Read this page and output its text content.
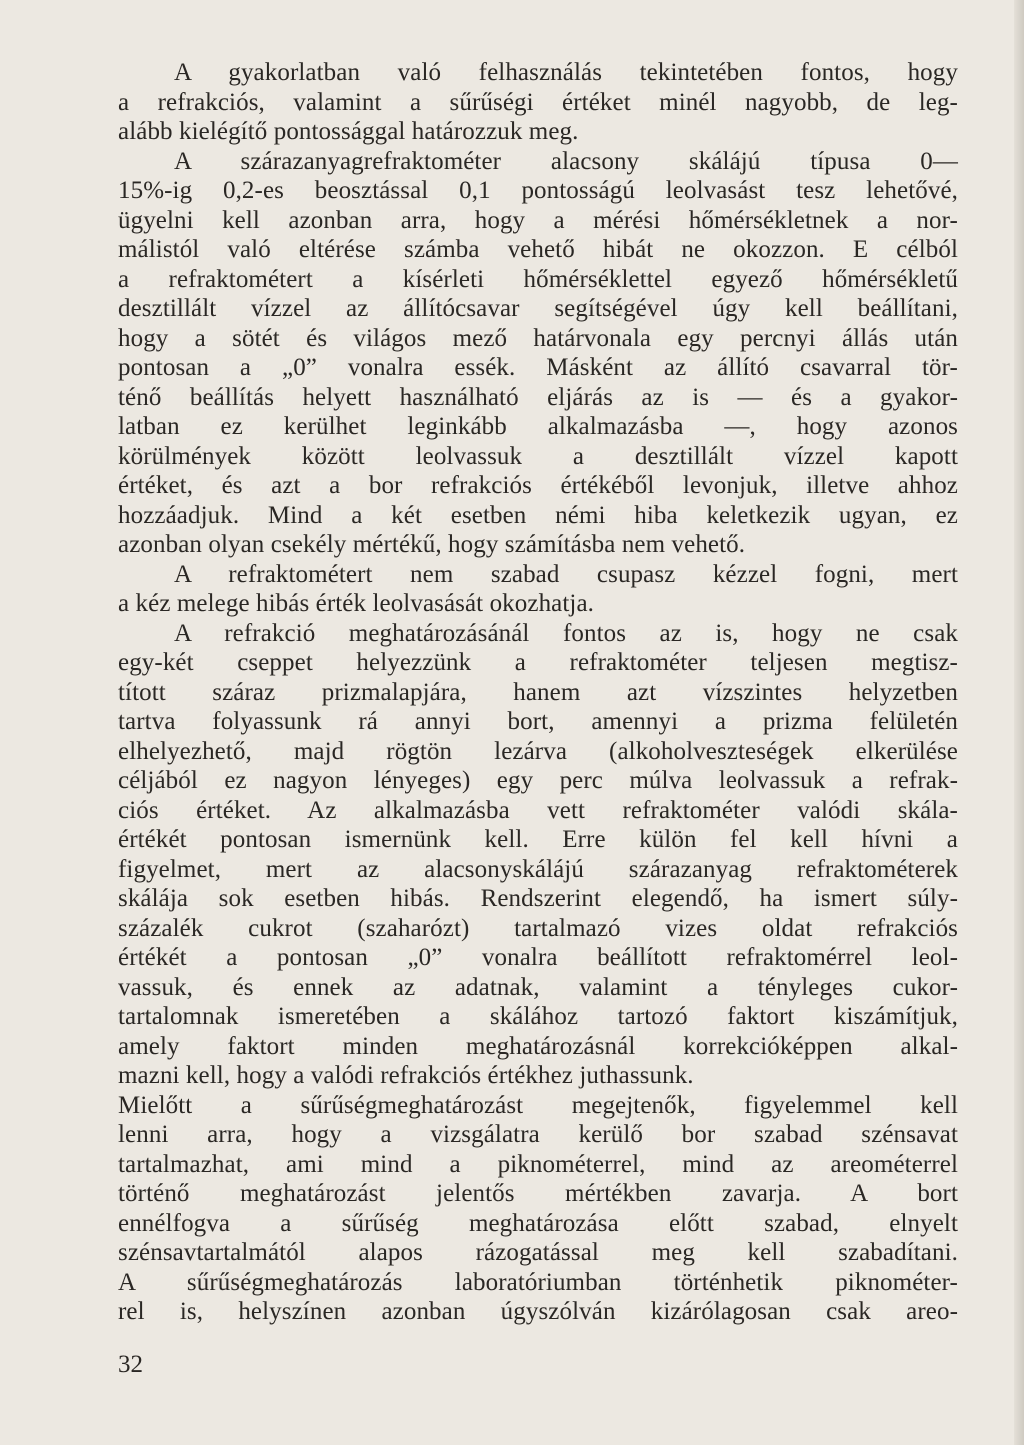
A gyakorlatban való felhasználás tekintetében fontos, hogy
a refrakciós, valamint a sűrűségi értéket minél nagyobb, de leg-
alább kielégítő pontossággal határozzuk meg.
A szárazanyagrefraktométer alacsony skálájú típusa 0—
15%-ig 0,2-es beosztással 0,1 pontosságú leolvasást tesz lehetővé,
ügyelni kell azonban arra, hogy a mérési hőmérsékletnek a nor-
málistól való eltérése számba vehető hibát ne okozzon. E célból
a refraktométert a kísérleti hőmérséklettel egyező hőmérsékletű
desztillált vízzel az állítócsavar segítségével úgy kell beállítani,
hogy a sötét és világos mező határvonala egy percnyi állás után
pontosan a „0” vonalra essék. Másként az állító csavarral tör-
ténő beállítás helyett használható eljárás az is — és a gyakor-
latban ez kerülhet leginkább alkalmazásba —, hogy azonos
körülmények között leolvassuk a desztillált vízzel kapott
értéket, és azt a bor refrakciós értékéből levonjuk, illetve ahhoz
hozzáadjuk. Mind a két esetben némi hiba keletkezik ugyan, ez
azonban olyan csekély mértékű, hogy számításba nem vehető.
A refraktométert nem szabad csupasz kézzel fogni, mert
a kéz melege hibás érték leolvasását okozhatja.
A refrakció meghatározásánál fontos az is, hogy ne csak
egy-két cseppet helyezzünk a refraktométer teljesen megtisz-
tított száraz prizmalapjára, hanem azt vízszintes helyzetben
tartva folyassunk rá annyi bort, amennyi a prizma felületén
elhelyezhető, majd rögtön lezárva (alkoholveszteségek elkerülése
céljából ez nagyon lényeges) egy perc múlva leolvassuk a refrak-
ciós értéket. Az alkalmazásba vett refraktométer valódi skála-
értékét pontosan ismernünk kell. Erre külön fel kell hívni a
figyelmet, mert az alacsonyskálájú szárazanyag refraktométerek
skálája sok esetben hibás. Rendszerint elegendő, ha ismert súly-
százalék cukrot (szaharózt) tartalmazó vizes oldat refrakciós
értékét a pontosan „0” vonalra beállított refraktomérrel leol-
vassuk, és ennek az adatnak, valamint a tényleges cukor-
tartalomnak ismeretében a skálához tartozó faktort kiszámítjuk,
amely faktort minden meghatározásnál korrekcióképpen alkal-
mazni kell, hogy a valódi refrakciós értékhez juthassunk.
Mielőtt a sűrűségmeghatározást megejtenők, figyelemmel kell
lenni arra, hogy a vizsgálatra kerülő bor szabad szénsavat
tartalmazhat, ami mind a piknométerrel, mind az areométerrel
történő meghatározást jelentős mértékben zavarja. A bort
ennélfogva a sűrűség meghatározása előtt szabad, elnyelt
szénsavtartalmától alapos rázogatással meg kell szabadítani.
A sűrűségmeghatározás laboratóriumban történhetik piknométer-
rel is, helyszínen azonban úgyszólván kizárólagosan csak areo-
32
